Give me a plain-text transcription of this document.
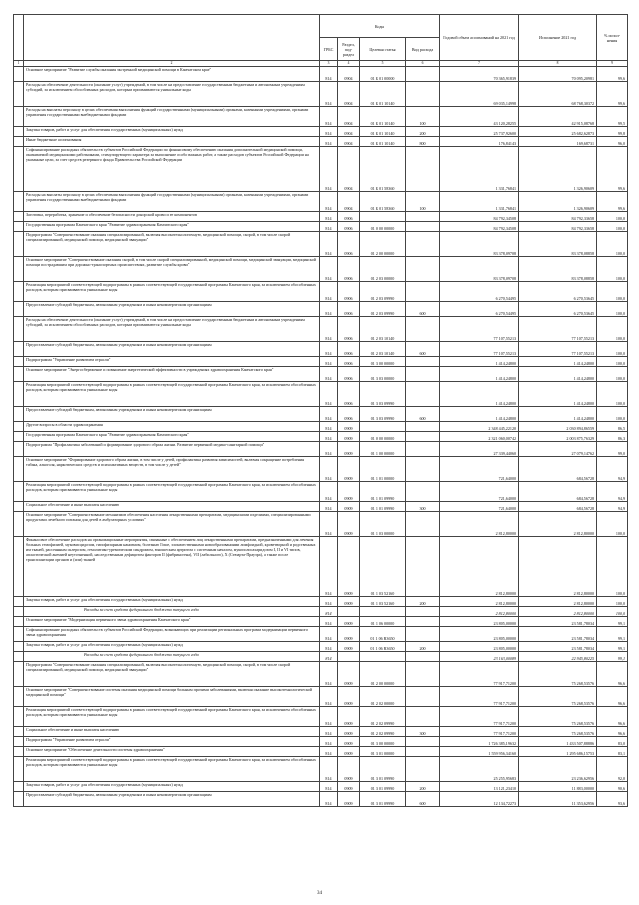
		Коды				Годовой объем ассигнований на 2021 год	Исполнение 2021 год	% испол-нения
		ГРБС	Раздел, под-раздел	Целевая статья	Вид расхода			
1	2	3	4	5	6	7	8	9
	Основное мероприятие "Развитие службы оказания экстренной медицинской помощи в Камчатском крае"	814	0904	01 Б 01 00000		70 365,91839	70 095,20981	99,6
	Расходы на обеспечение деятельности (оказание услуг) учреждений, в том числе на предоставление государственным бюджетным и автономным учреждениям субсидий, за исключением обособленных расходов, которым присваиваются уникальные коды	814	0904	01 Б 01 10140		69 035,14998	68 768,30372	99,6
	Расходы на выплаты персоналу в целях обеспечения выполнения функций государственными (муниципальными) органами, казенными учреждениями, органами управления государственными внебюджетными фондами	814	0904	01 Б 01 10140	100	43 120,28255	42 915,08768	99,5
	Закупка товаров, работ и услуг для обеспечения государственных (муниципальных) нужд	814	0904	01 Б 01 10140	200	25 737,92600	25 682,62873	99,8
	Иные бюджетные ассигнования	814	0904	01 Б 01 10140	800	176,84143	169,68731	96,0
	Софинансирование расходных обязательств субъектов Российской Федерации по финансовому обеспечению оказания дополнительной медицинской помощи, оказываемой медицинскими работниками, стимулирующего характера за выполнение особо важных работ, а также расходов субъектов Российской Федерации на указанные цели, за счет средств резервного фонда Правительства Российской Федерации	814	0904	01 Б 01 58360		1 331,76841	1 326,90609	99,6
	Расходы на выплаты персоналу в целях обеспечения выполнения функций государственными (муниципальными) органами, казенными учреждениями, органами управления государственными внебюджетными фондами	814	0904	01 Б 01 58360	100	1 331,76841	1 326,90609	99,6
	Заготовка, переработка, хранение и обеспечение безопасности донорской крови и ее компонентов	814	0906			84 792,34508	84 792,33658	100,0
	Государственная программа Камчатского края "Развитие здравоохранения Камчатского края"	814	0906	01 0 00 00000		84 792,34508	84 792,33658	100,0
	Подпрограмма "Совершенствование оказания специализированной, включая высокотехнологичную, медицинской помощи, скорой, в том числе скорой специализированной, медицинской помощи, медицинской эвакуации"	814	0906	01 2 00 00000		83 378,09708	83 378,08858	100,0
	Основное мероприятие "Совершенствование оказания скорой, в том числе скорой специализированной, медицинской помощи, медицинской эвакуации, медицинской помощи пострадавшим при дорожно-транспортных происшествиях, развитие службы крови"	814	0906	01 2 03 00000		83 378,09708	83 378,08858	100,0
	Реализация мероприятий соответствующей подпрограммы в рамках соответствующей государственной программы Камчатского края, за исключением обособленных расходов, которым присваиваются уникальные коды	814	0906	01 2 03 09990		6 270,54495	6 270,53645	100,0
	Предоставление субсидий бюджетным, автономным учреждениям и иным некоммерческим организациям	814	0906	01 2 03 09990	600	6 270,54495	6 270,53645	100,0
	Расходы на обеспечение деятельности (оказание услуг) учреждений, в том числе на предоставление государственным бюджетным и автономным учреждениям субсидий, за исключением обособленных расходов, которым присваиваются уникальные коды	814	0906	01 2 03 10140		77 107,55213	77 107,55213	100,0
	Предоставление субсидий бюджетным, автономным учреждениям и иным некоммерческим организациям	814	0906	01 2 03 10140	600	77 107,55213	77 107,55213	100,0
	Подпрограмма "Управление развитием отрасли"	814	0906	01 3 00 00000		1 414,24800	1 414,24800	100,0
	Основное мероприятие "Энергосбережение и повышение энергетической эффективности в учреждениях здравоохранения Камчатского края"	814	0906	01 3 03 00000		1 414,24800	1 414,24800	100,0
	Реализация мероприятий соответствующей подпрограммы в рамках соответствующей государственной программы Камчатского края, за исключением обособленных расходов, которым присваиваются уникальные коды	814	0906	01 3 03 09990		1 414,24800	1 414,24800	100,0
	Предоставление субсидий бюджетным, автономным учреждениям и иным некоммерческим организациям	814	0906	01 3 03 09990	600	1 414,24800	1 414,24800	100,0
	Другие вопросы в области здравоохранения	814	0909			2 348 445,22120	2 030 894,86559	86,5
	Государственная программа Камчатского края "Развитие здравоохранения Камчатского края"	814	0909	01 0 00 00000		2 321 060,00742	2 003 875,76329	86,3
	Подпрограмма "Профилактика заболеваний и формирование здорового образа жизни. Развитие первичной медико-санитарной помощи"	814	0909	01 1 00 00000		27 339,44060	27 079,14762	99,0
	Основное мероприятие "Формирование здорового образа жизни, в том числе у детей, профилактика развития зависимостей, включая сокращение потребления табака, алкоголя, наркотических средств и психоактивных веществ, в том числе у детей"	814	0909	01 1 01 00000		721,64000	684,56728	94,9
	Реализация мероприятий соответствующей подпрограммы в рамках соответствующей государственной программы Камчатского края, за исключением обособленных расходов, которым присваиваются уникальные коды	814	0909	01 1 01 09990		721,64000	684,56728	94,9
	Социальное обеспечение и иные выплаты населению	814	0909	01 1 01 09990	300	721,64000	684,56728	94,9
	Основное мероприятие "Совершенствование механизмов обеспечения населения лекарственными препаратами, медицинскими изделиями, специализированными продуктами лечебного питания для детей в амбулаторных условиях"	814	0909	01 1 03 00000		2 812,80000	2 812,80000	100,0
	Финансовое обеспечение расходов на организационные мероприятия, связанные с обеспечением лиц лекарственными препаратами, предназначенными для лечения больных гемофилией, муковисцидозом, гипофизарным нанизмом, болезнью Гоше, злокачественными новообразованиями лимфоидной, кроветворной и родственных им тканей, рассеянным склерозом, гемолитико-уремическим синдромом, юношеским артритом с системным началом, мукополисахаридозом I, II и VI типов, апластической анемией неуточненной, наследственным дефицитом факторов II (фибриногена), VII (лабильного), X (Стюарта-Прауэра), а также после трансплантации органов и (или) тканей	814	0909	01 1 03 52160		2 812,80000	2 812,80000	100,0
	Закупка товаров, работ и услуг для обеспечения государственных (муниципальных) нужд	814	0909	01 1 03 52160	200	2 812,80000	2 812,80000	100,0
	Расходы за счет средств федерального бюджета текущего года	814				2 812,80000	2 812,80000	100,0
	Основное мероприятие "Модернизация первичного звена здравоохранения Камчатского края"	814	0909	01 1 06 00000		23 805,00000	23 581,78034	99,1
	Софинансирование расходных обязательств субъектов Российской Федерации, возникающих при реализации региональных программ модернизации первичного звена здравоохранения	814	0909	01 1 06 R3650		23 805,00000	23 581,78034	99,1
	Закупка товаров, работ и услуг для обеспечения государственных (муниципальных) нужд	814	0909	01 1 06 R3650	200	23 805,00000	23 581,78034	99,1
	Расходы за счет средств федерального бюджета текущего года	814				23 163,00089	22 945,80225	99,1
	Подпрограмма "Совершенствование оказания специализированной, включая высокотехнологичную, медицинской помощи, скорой, в том числе скорой специализированной, медицинской помощи, медицинской эвакуации"	814	0909	01 2 00 00000		77 917,71200	75 268,53576	96,6
	Основное мероприятие "Совершенствование системы оказания медицинской помощи больным прочими заболеваниями, включая оказание высокотехнологической медицинской помощи"	814	0909	01 2 02 00000		77 917,71200	75 268,53576	96,6
	Реализация мероприятий соответствующей подпрограммы в рамках соответствующей государственной программы Камчатского края, за исключением обособленных расходов, которым присваиваются уникальные коды	814	0909	01 2 02 09990		77 917,71200	75 268,53576	96,6
	Социальное обеспечение и иные выплаты населению	814	0909	01 2 02 09990	300	77 917,71200	75 268,53576	96,6
	Подпрограмма "Управление развитием отрасли"	814	0909	01 3 00 00000		1 726 385,19632	1 433 507,88886	83,0
	Основное мероприятие "Обеспечение деятельности системы здравоохранения"	814	0909	01 3 01 00000		1 559 956,34160	1 295 686,15753	83,1
	Реализация мероприятий соответствующей подпрограммы в рамках соответствующей государственной программы Камчатского края, за исключением обособленных расходов, которым присваиваются уникальные коды	814	0909	01 3 01 09990		25 255,95683	23 236,62956	92,0
	Закупка товаров, работ и услуг для обеспечения государственных (муниципальных) нужд	814	0909	01 3 01 09990	200	13 121,23410	11 883,00000	90,6
	Предоставление субсидий бюджетным, автономным учреждениям и иным некоммерческим организациям	814	0909	01 3 01 09990	600	12 134,72273	11 353,62956	93,6
34
